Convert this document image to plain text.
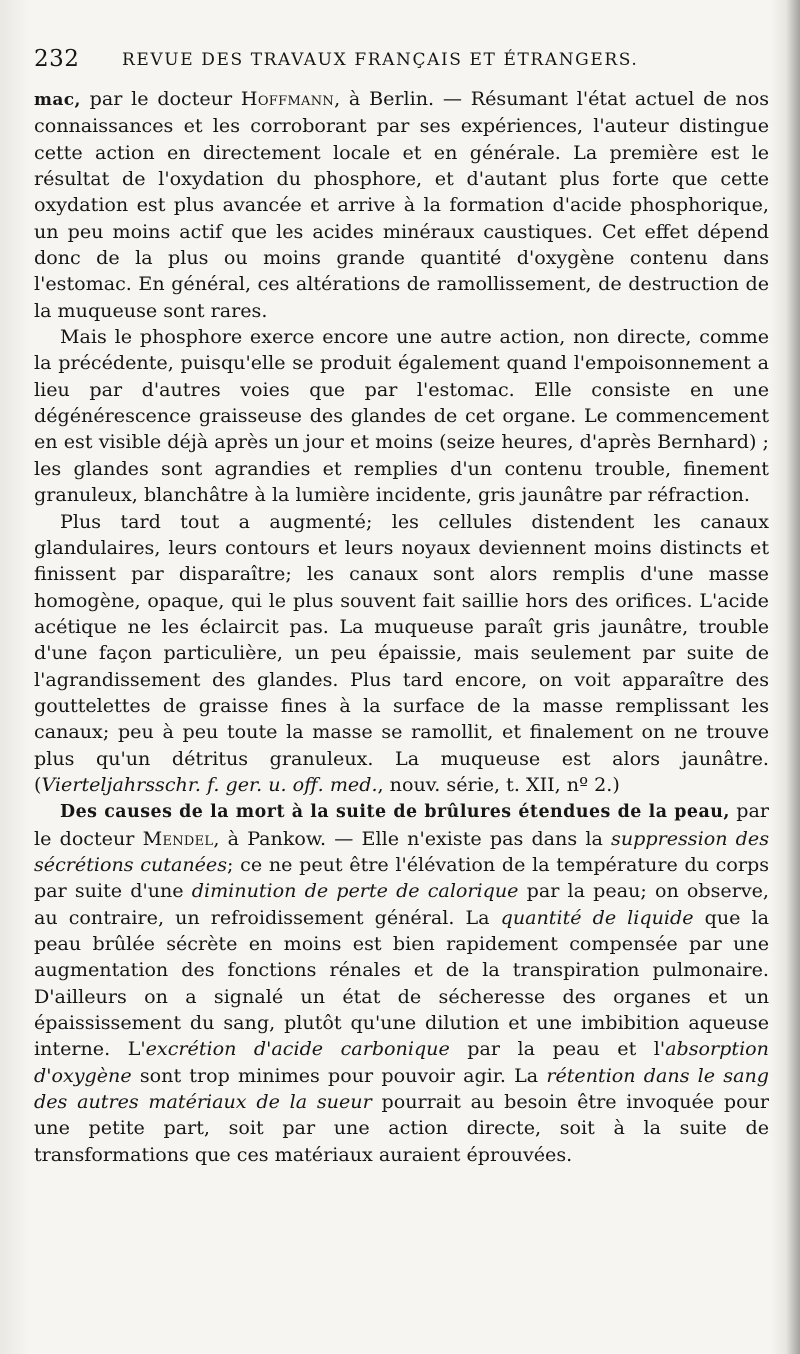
232	REVUE DES TRAVAUX FRANÇAIS ET ÉTRANGERS.

mac, par le docteur Hoffmann, à Berlin. — Résumant l'état actuel de nos connaissances et les corroborant par ses expériences, l'auteur distingue cette action en directement locale et en générale. La première est le résultat de l'oxydation du phosphore, et d'autant plus forte que cette oxydation est plus avancée et arrive à la formation d'acide phosphorique, un peu moins actif que les acides minéraux caustiques. Cet effet dépend donc de la plus ou moins grande quantité d'oxygène contenu dans l'estomac. En général, ces altérations de ramollissement, de destruction de la muqueuse sont rares.

Mais le phosphore exerce encore une autre action, non directe, comme la précédente, puisqu'elle se produit également quand l'empoisonnement a lieu par d'autres voies que par l'estomac. Elle consiste en une dégénérescence graisseuse des glandes de cet organe. Le commencement en est visible déjà après un jour et moins (seize heures, d'après Bernhard) ; les glandes sont agrandies et remplies d'un contenu trouble, finement granuleux, blanchâtre à la lumière incidente, gris jaunâtre par réfraction.

Plus tard tout a augmenté; les cellules distendent les canaux glandulaires, leurs contours et leurs noyaux deviennent moins distincts et finissent par disparaître; les canaux sont alors remplis d'une masse homogène, opaque, qui le plus souvent fait saillie hors des orifices. L'acide acétique ne les éclaircit pas. La muqueuse paraît gris jaunâtre, trouble d'une façon particulière, un peu épaissie, mais seulement par suite de l'agrandissement des glandes. Plus tard encore, on voit apparaître des gouttelettes de graisse fines à la surface de la masse remplissant les canaux; peu à peu toute la masse se ramollit, et finalement on ne trouve plus qu'un détritus granuleux. La muqueuse est alors jaunâtre. (Vierteljahrsschr. f. ger. u. off. med., nouv. série, t. XII, nº 2.)

Des causes de la mort à la suite de brûlures étendues de la peau, par le docteur Mendel, à Pankow. — Elle n'existe pas dans la suppression des sécrétions cutanées; ce ne peut être l'élévation de la température du corps par suite d'une diminution de perte de calorique par la peau; on observe, au contraire, un refroidissement général. La quantité de liquide que la peau brûlée sécrète en moins est bien rapidement compensée par une augmentation des fonctions rénales et de la transpiration pulmonaire. D'ailleurs on a signalé un état de sécheresse des organes et un épaississement du sang, plutôt qu'une dilution et une imbibition aqueuse interne. L'excrétion d'acide carbonique par la peau et l'absorption d'oxygène sont trop minimes pour pouvoir agir. La rétention dans le sang des autres matériaux de la sueur pourrait au besoin être invoquée pour une petite part, soit par une action directe, soit à la suite de transformations que ces matériaux auraient éprouvées.
